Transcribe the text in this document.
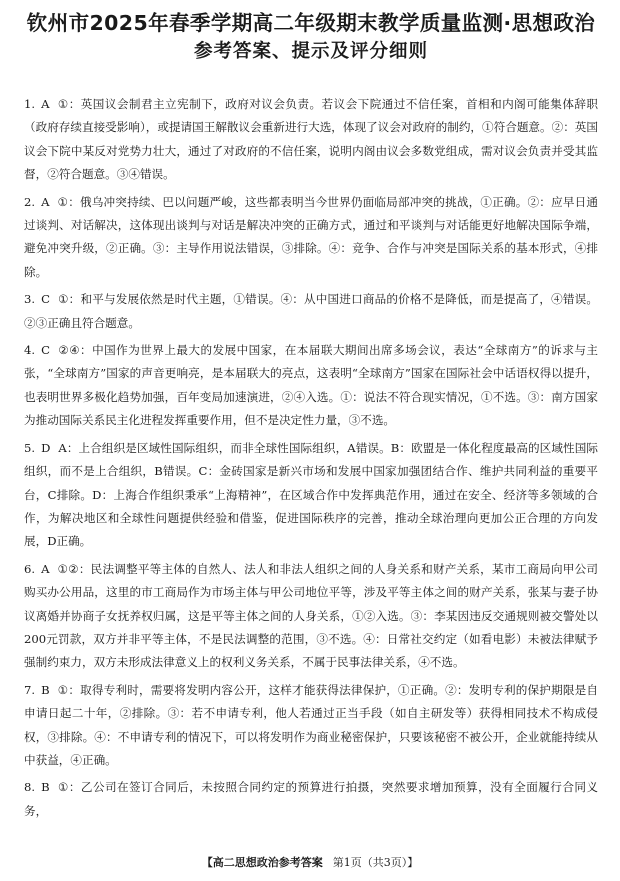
钦州市2025年春季学期高二年级期末教学质量监测·思想政治
参考答案、提示及评分细则

1. A ①：英国议会制君主立宪制下，政府对议会负责。若议会下院通过不信任案，首相和内阁可能集体辞职（政府存续直接受影响），或提请国王解散议会重新进行大选，体现了议会对政府的制约，①符合题意。②：英国议会下院中某反对党势力壮大，通过了对政府的不信任案，说明内阁由议会多数党组成，需对议会负责并受其监督，②符合题意。③④错误。

2. A ①：俄乌冲突持续、巴以问题严峻，这些都表明当今世界仍面临局部冲突的挑战，①正确。②：应早日通过谈判、对话解决，这体现出谈判与对话是解决冲突的正确方式，通过和平谈判与对话能更好地解决国际争端，避免冲突升级，②正确。③：主导作用说法错误，③排除。④：竞争、合作与冲突是国际关系的基本形式，④排除。

3. C ①：和平与发展依然是时代主题，①错误。④：从中国进口商品的价格不是降低，而是提高了，④错误。②③正确且符合题意。

4. C ②④：中国作为世界上最大的发展中国家，在本届联大期间出席多场会议，表达“全球南方”的诉求与主张，“全球南方”国家的声音更响亮，是本届联大的亮点，这表明“全球南方”国家在国际社会中话语权得以提升，也表明世界多极化趋势加强，百年变局加速演进，②④入选。①：说法不符合现实情况，①不选。③：南方国家为推动国际关系民主化进程发挥重要作用，但不是决定性力量，③不选。

5. D A：上合组织是区域性国际组织，而非全球性国际组织，A错误。B：欧盟是一体化程度最高的区域性国际组织，而不是上合组织，B错误。C：金砖国家是新兴市场和发展中国家加强团结合作、维护共同利益的重要平台，C排除。D：上海合作组织秉承“上海精神”，在区域合作中发挥典范作用，通过在安全、经济等多领域的合作，为解决地区和全球性问题提供经验和借鉴，促进国际秩序的完善，推动全球治理向更加公正合理的方向发展，D正确。

6. A ①②：民法调整平等主体的自然人、法人和非法人组织之间的人身关系和财产关系，某市工商局向甲公司购买办公用品，这里的市工商局作为市场主体与甲公司地位平等，涉及平等主体之间的财产关系，张某与妻子协议离婚并协商子女抚养权归属，这是平等主体之间的人身关系，①②入选。③：李某因违反交通规则被交警处以200元罚款，双方并非平等主体，不是民法调整的范围，③不选。④：日常社交约定（如看电影）未被法律赋予强制约束力，双方未形成法律意义上的权利义务关系，不属于民事法律关系，④不选。

7. B ①：取得专利时，需要将发明内容公开，这样才能获得法律保护，①正确。②：发明专利的保护期限是自申请日起二十年，②排除。③：若不申请专利，他人若通过正当手段（如自主研发等）获得相同技术不构成侵权，③排除。④：不申请专利的情况下，可以将发明作为商业秘密保护，只要该秘密不被公开，企业就能持续从中获益，④正确。

8. B ①：乙公司在签订合同后，未按照合同约定的预算进行拍摄，突然要求增加预算，没有全面履行合同义务，

【高二思想政治参考答案 第1页（共3页）】
